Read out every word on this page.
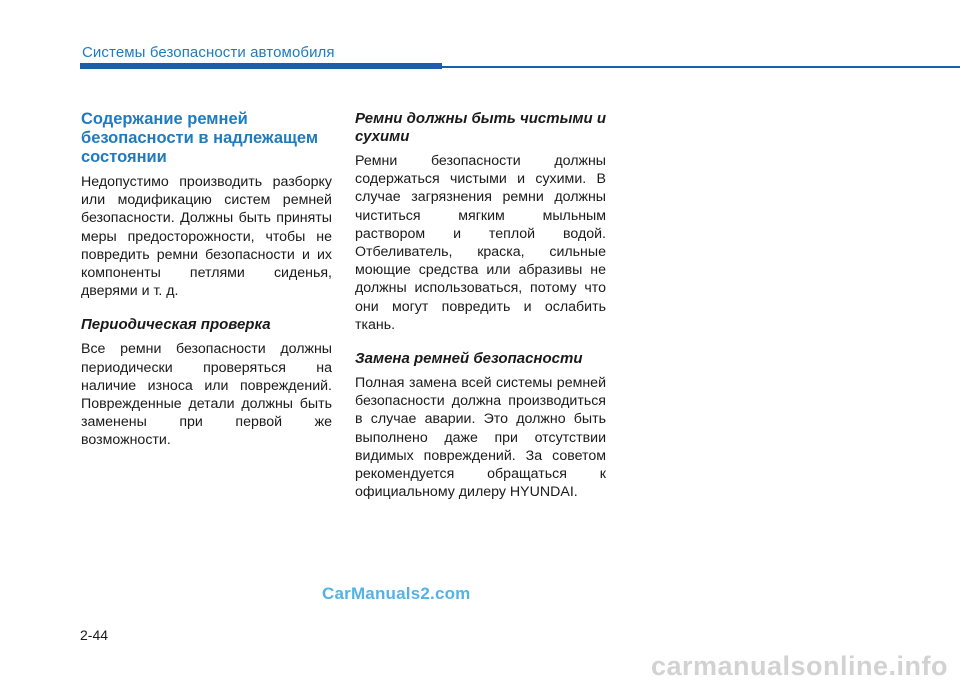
Системы безопасности автомобиля
Содержание ремней безопасности в надлежащем состоянии

Недопустимо производить разборку или модификацию систем ремней безопасности. Должны быть приняты меры предосторожности, чтобы не повредить ремни безопасности и их компоненты петлями сиденья, дверями и т. д.

Периодическая проверка

Все ремни безопасности должны периодически проверяться на наличие износа или повреждений. Поврежденные детали должны быть заменены при первой же возможности.

Ремни должны быть чистыми и сухими

Ремни безопасности должны содержаться чистыми и сухими. В случае загрязнения ремни должны чиститься мягким мыльным раствором и теплой водой. Отбеливатель, краска, сильные моющие средства или абразивы не должны использоваться, потому что они могут повредить и ослабить ткань.

Замена ремней безопасности

Полная замена всей системы ремней безопасности должна производиться в случае аварии. Это должно быть выполнено даже при отсутствии видимых повреждений. За советом рекомендуется обращаться к официальному дилеру HYUNDAI.

CarManuals2.com
2-44
carmanualsonline.info
